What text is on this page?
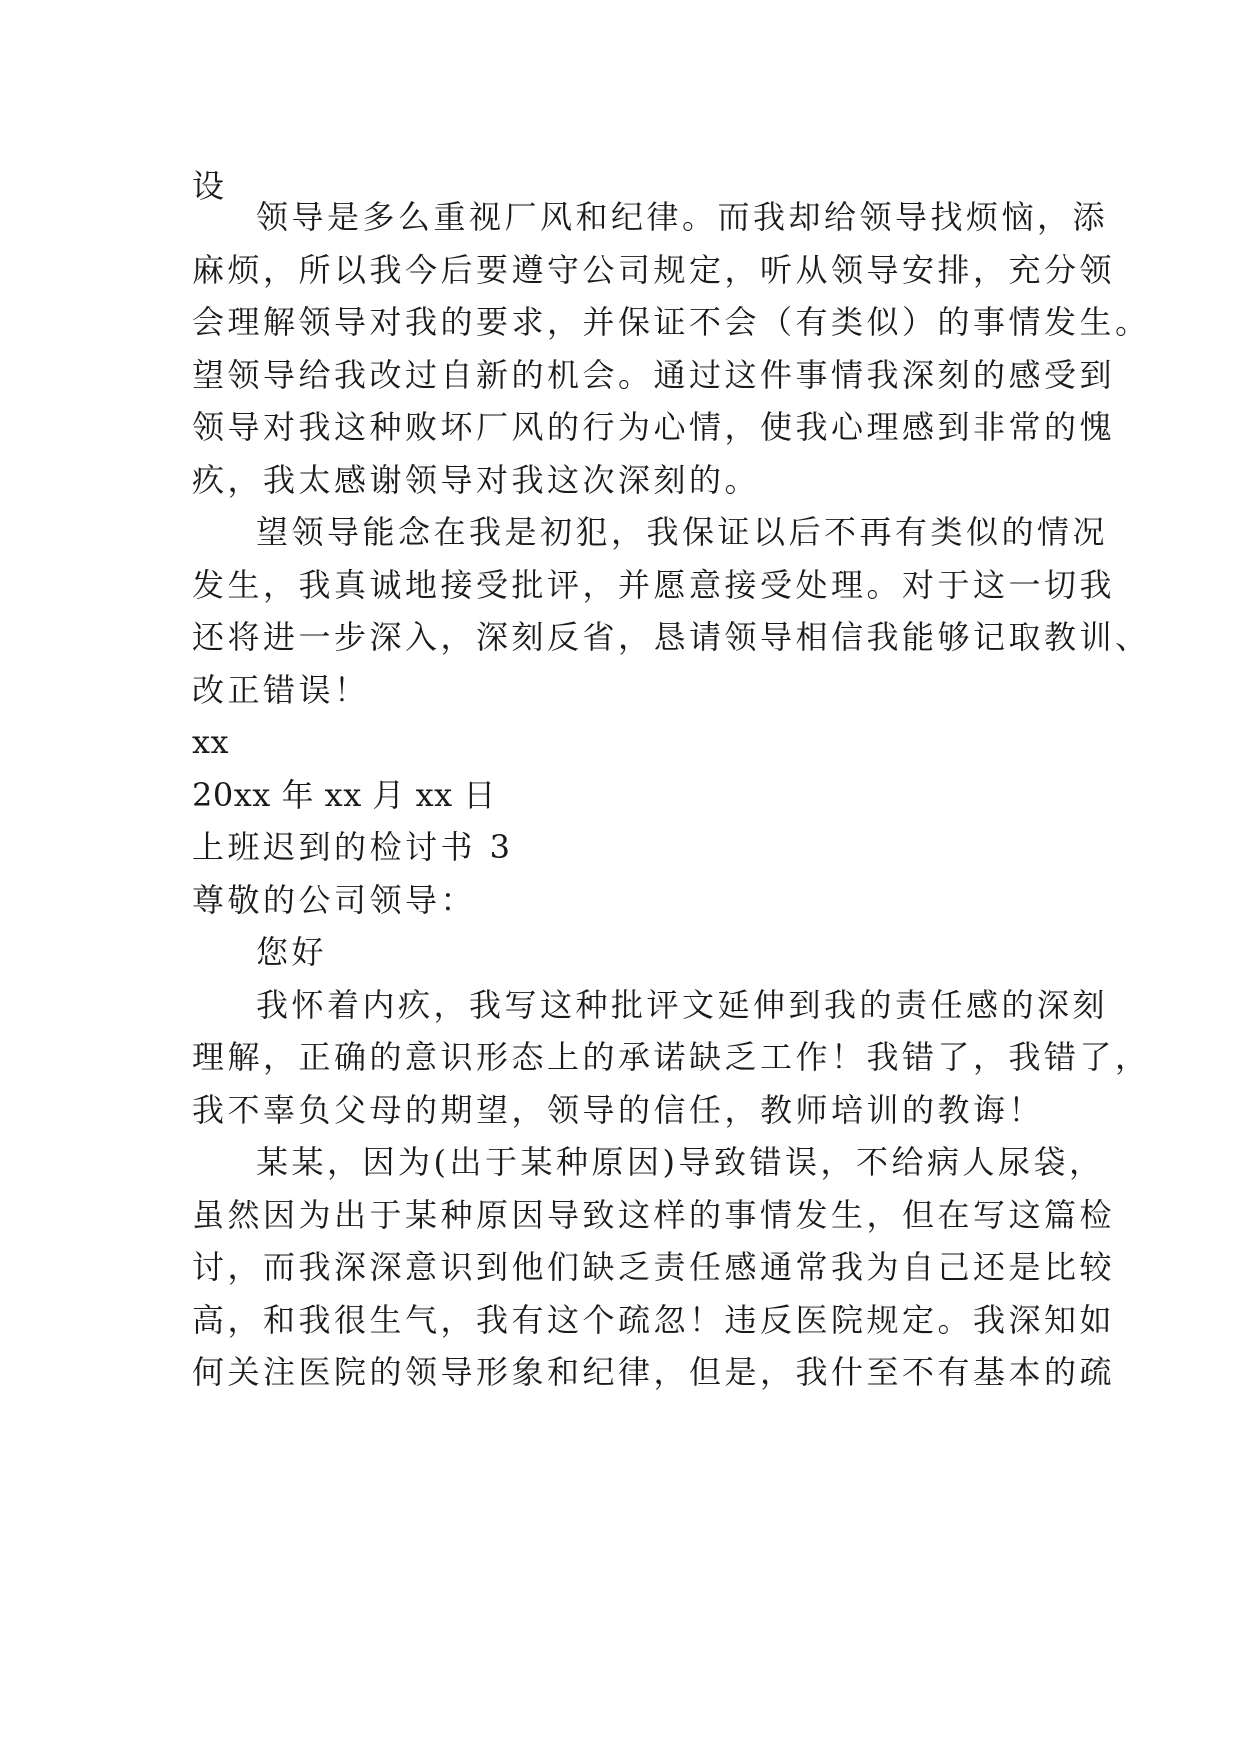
设
领导是多么重视厂风和纪律。而我却给领导找烦恼，添
麻烦，所以我今后要遵守公司规定，听从领导安排，充分领
会理解领导对我的要求，并保证不会（有类似）的事情发生。
望领导给我改过自新的机会。通过这件事情我深刻的感受到
领导对我这种败坏厂风的行为心情，使我心理感到非常的愧
疚，我太感谢领导对我这次深刻的。
望领导能念在我是初犯，我保证以后不再有类似的情况
发生，我真诚地接受批评，并愿意接受处理。对于这一切我
还将进一步深入，深刻反省，恳请领导相信我能够记取教训、
改正错误！
xx
20xx 年 xx 月 xx 日
上班迟到的检讨书 3
尊敬的公司领导：
您好
我怀着内疚，我写这种批评文延伸到我的责任感的深刻
理解，正确的意识形态上的承诺缺乏工作！我错了，我错了，
我不辜负父母的期望，领导的信任，教师培训的教诲！
某某，因为(出于某种原因)导致错误，不给病人尿袋，
虽然因为出于某种原因导致这样的事情发生，但在写这篇检
讨，而我深深意识到他们缺乏责任感通常我为自己还是比较
高，和我很生气，我有这个疏忽！违反医院规定。我深知如
何关注医院的领导形象和纪律，但是，我什至不有基本的疏
